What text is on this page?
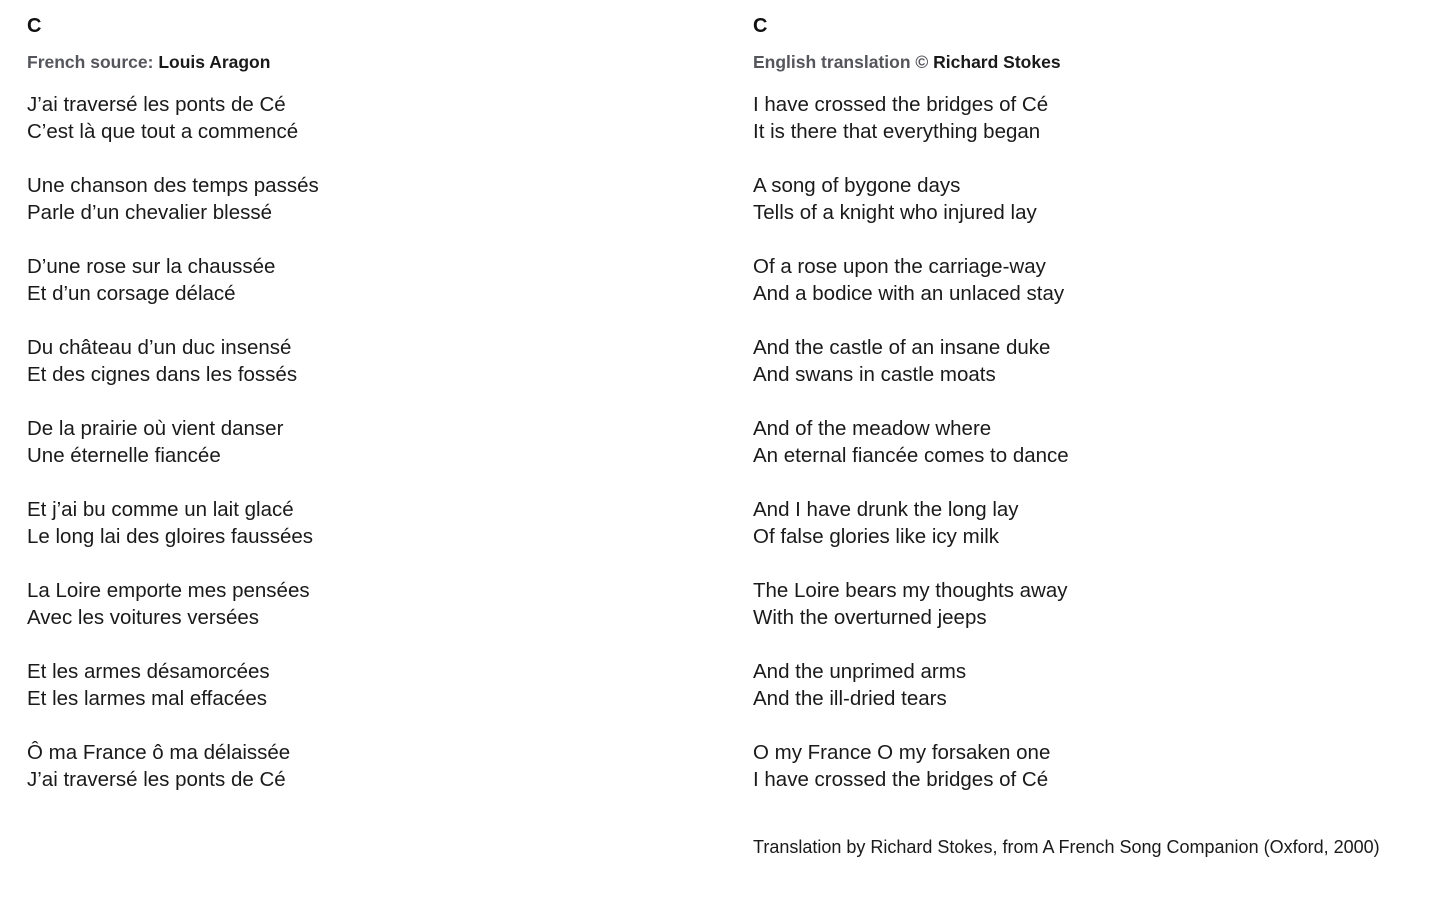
C

French source: Louis Aragon

J’ai traversé les ponts de Cé
C’est là que tout a commencé
Une chanson des temps passés
Parle d’un chevalier blessé
D’une rose sur la chaussée
Et d’un corsage délacé
Du château d’un duc insensé
Et des cignes dans les fossés
De la prairie où vient danser
Une éternelle fiancée
Et j’ai bu comme un lait glacé
Le long lai des gloires faussées
La Loire emporte mes pensées
Avec les voitures versées
Et les armes désamorcées
Et les larmes mal effacées
Ô ma France ô ma délaissée
J’ai traversé les ponts de Cé
C

English translation © Richard Stokes

I have crossed the bridges of Cé
It is there that everything began
A song of bygone days
Tells of a knight who injured lay
Of a rose upon the carriage-way
And a bodice with an unlaced stay
And the castle of an insane duke
And swans in castle moats
And of the meadow where
An eternal fiancée comes to dance
And I have drunk the long lay
Of false glories like icy milk
The Loire bears my thoughts away
With the overturned jeeps
And the unprimed arms
And the ill-dried tears
O my France O my forsaken one
I have crossed the bridges of Cé
Translation by Richard Stokes, from A French Song Companion (Oxford, 2000)
